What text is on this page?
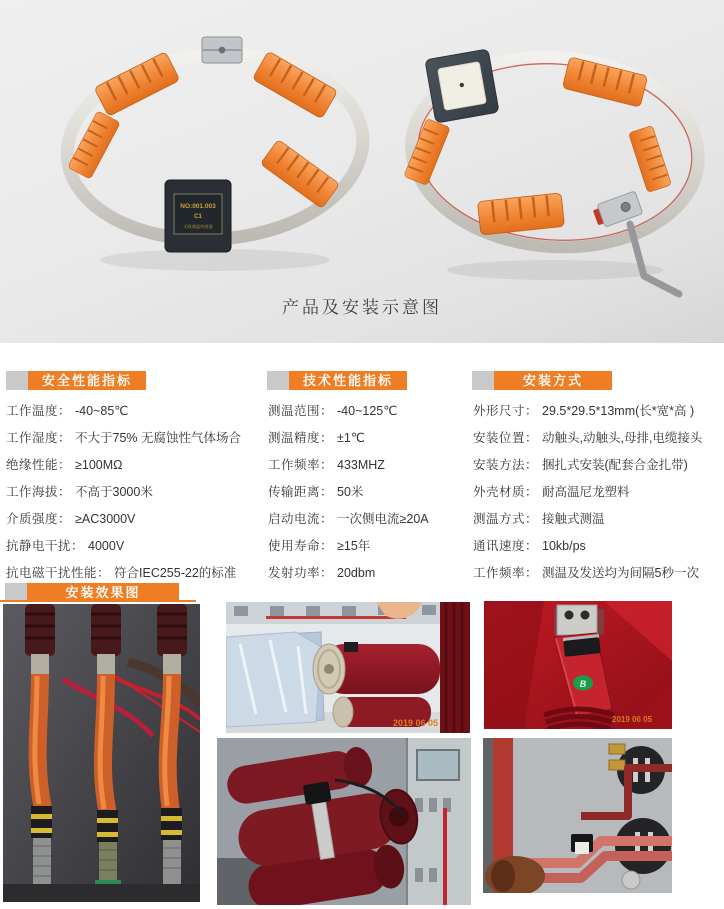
NO:001.003
C1
无线测温传感器
产品及安装示意图
安全性能指标
工作温度： -40~85℃
工作湿度： 不大于75% 无腐蚀性气体场合
绝缘性能： ≥100MΩ
工作海拔： 不高于3000米
介质强度： ≥AC3000V
抗静电干扰： 4000V
抗电磁干扰性能： 符合IEC255-22的标准
技术性能指标
测温范围： -40~125℃
测温精度： ±1℃
工作频率： 433MHZ
传输距离： 50米
启动电流： 一次侧电流≥20A
使用寿命： ≥15年
发射功率： 20dbm
安装方式
外形尺寸： 29.5*29.5*13mm(长*宽*高 )
安装位置： 动触头,动触头,母排,电缆接头
安装方法： 捆扎式安装(配套合金扎带)
外壳材质： 耐高温尼龙塑料
测温方式： 接触式测温
通讯速度： 10kb/ps
工作频率： 测温及发送均为间隔5秒一次
安装效果图
2019 06 05
B
2019 06 05
